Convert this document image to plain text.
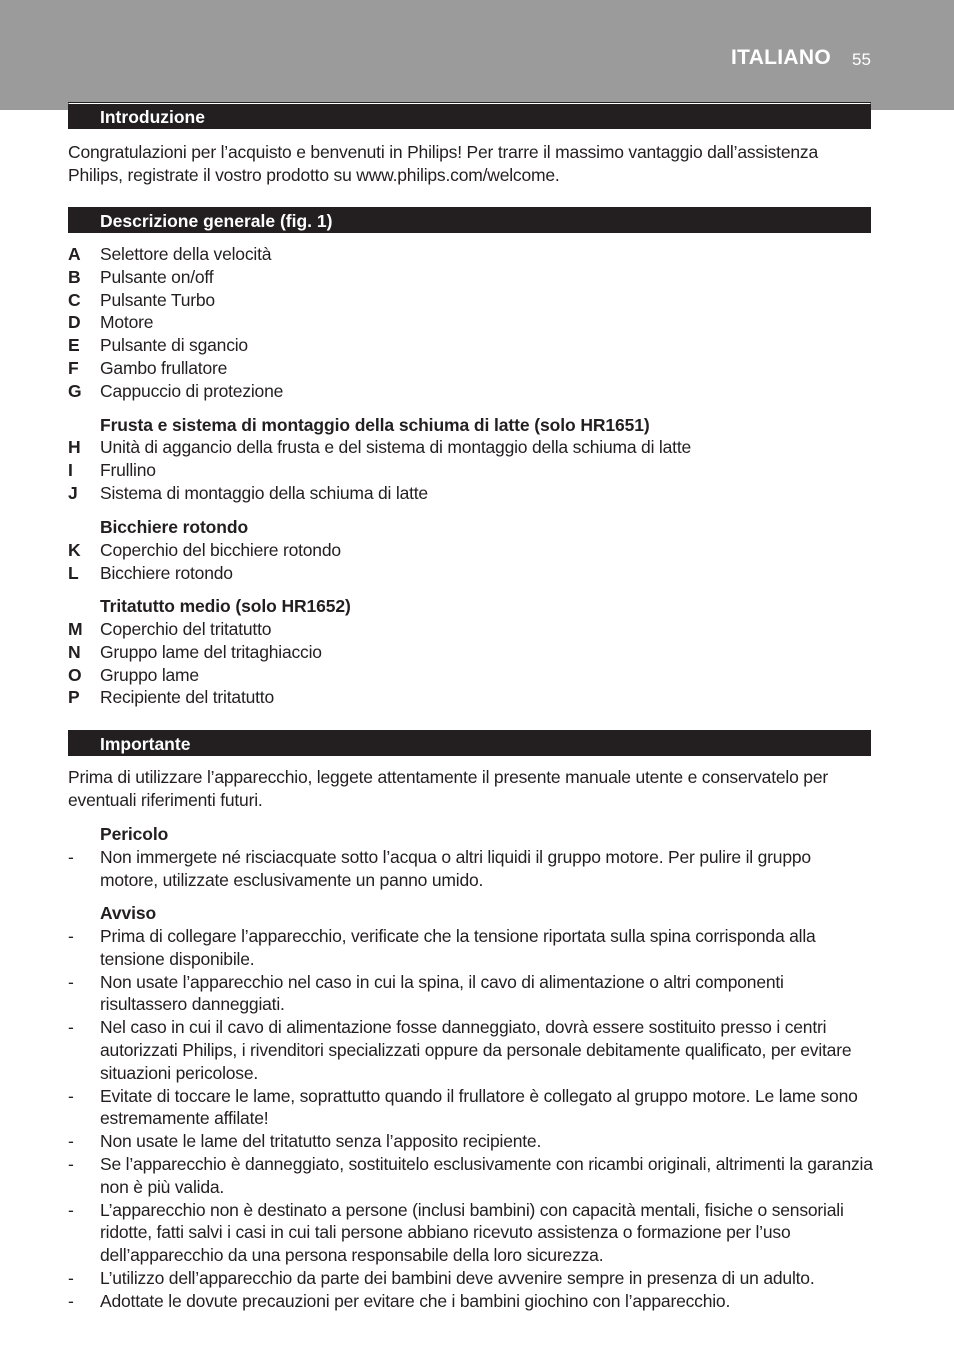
ITALIANO 55
Introduzione
Congratulazioni per l’acquisto e benvenuti in Philips! Per trarre il massimo vantaggio dall’assistenza Philips, registrate il vostro prodotto su www.philips.com/welcome.
Descrizione generale (fig. 1)
A	Selettore della velocità
B	Pulsante on/off
C	Pulsante Turbo
D	Motore
E	Pulsante di sgancio
F	Gambo frullatore
G	Cappuccio di protezione
Frusta e sistema di montaggio della schiuma di latte (solo HR1651)
H	Unità di aggancio della frusta e del sistema di montaggio della schiuma di latte
I	Frullino
J	Sistema di montaggio della schiuma di latte
Bicchiere rotondo
K	Coperchio del bicchiere rotondo
L	Bicchiere rotondo
Tritatutto medio (solo HR1652)
M	Coperchio del tritatutto
N	Gruppo lame del tritaghiaccio
O	Gruppo lame
P	Recipiente del tritatutto
Importante
Prima di utilizzare l’apparecchio, leggete attentamente il presente manuale utente e conservatelo per eventuali riferimenti futuri.
Pericolo
-	Non immergete né risciacquate sotto l’acqua o altri liquidi il gruppo motore. Per pulire il gruppo motore, utilizzate esclusivamente un panno umido.
Avviso
-	Prima di collegare l’apparecchio, verificate che la tensione riportata sulla spina corrisponda alla tensione disponibile.
-	Non usate l’apparecchio nel caso in cui la spina, il cavo di alimentazione o altri componenti risultassero danneggiati.
-	Nel caso in cui il cavo di alimentazione fosse danneggiato, dovrà essere sostituito presso i centri autorizzati Philips, i rivenditori specializzati oppure da personale debitamente qualificato, per evitare situazioni pericolose.
-	Evitate di toccare le lame, soprattutto quando il frullatore è collegato al gruppo motore. Le lame sono estremamente affilate!
-	Non usate le lame del tritatutto senza l’apposito recipiente.
-	Se l’apparecchio è danneggiato, sostituitelo esclusivamente con ricambi originali, altrimenti la garanzia non è più valida.
-	L’apparecchio non è destinato a persone (inclusi bambini) con capacità mentali, fisiche o sensoriali ridotte, fatti salvi i casi in cui tali persone abbiano ricevuto assistenza o formazione per l’uso dell’apparecchio da una persona responsabile della loro sicurezza.
-	L’utilizzo dell’apparecchio da parte dei bambini deve avvenire sempre in presenza di un adulto.
-	Adottate le dovute precauzioni per evitare che i bambini giochino con l’apparecchio.
